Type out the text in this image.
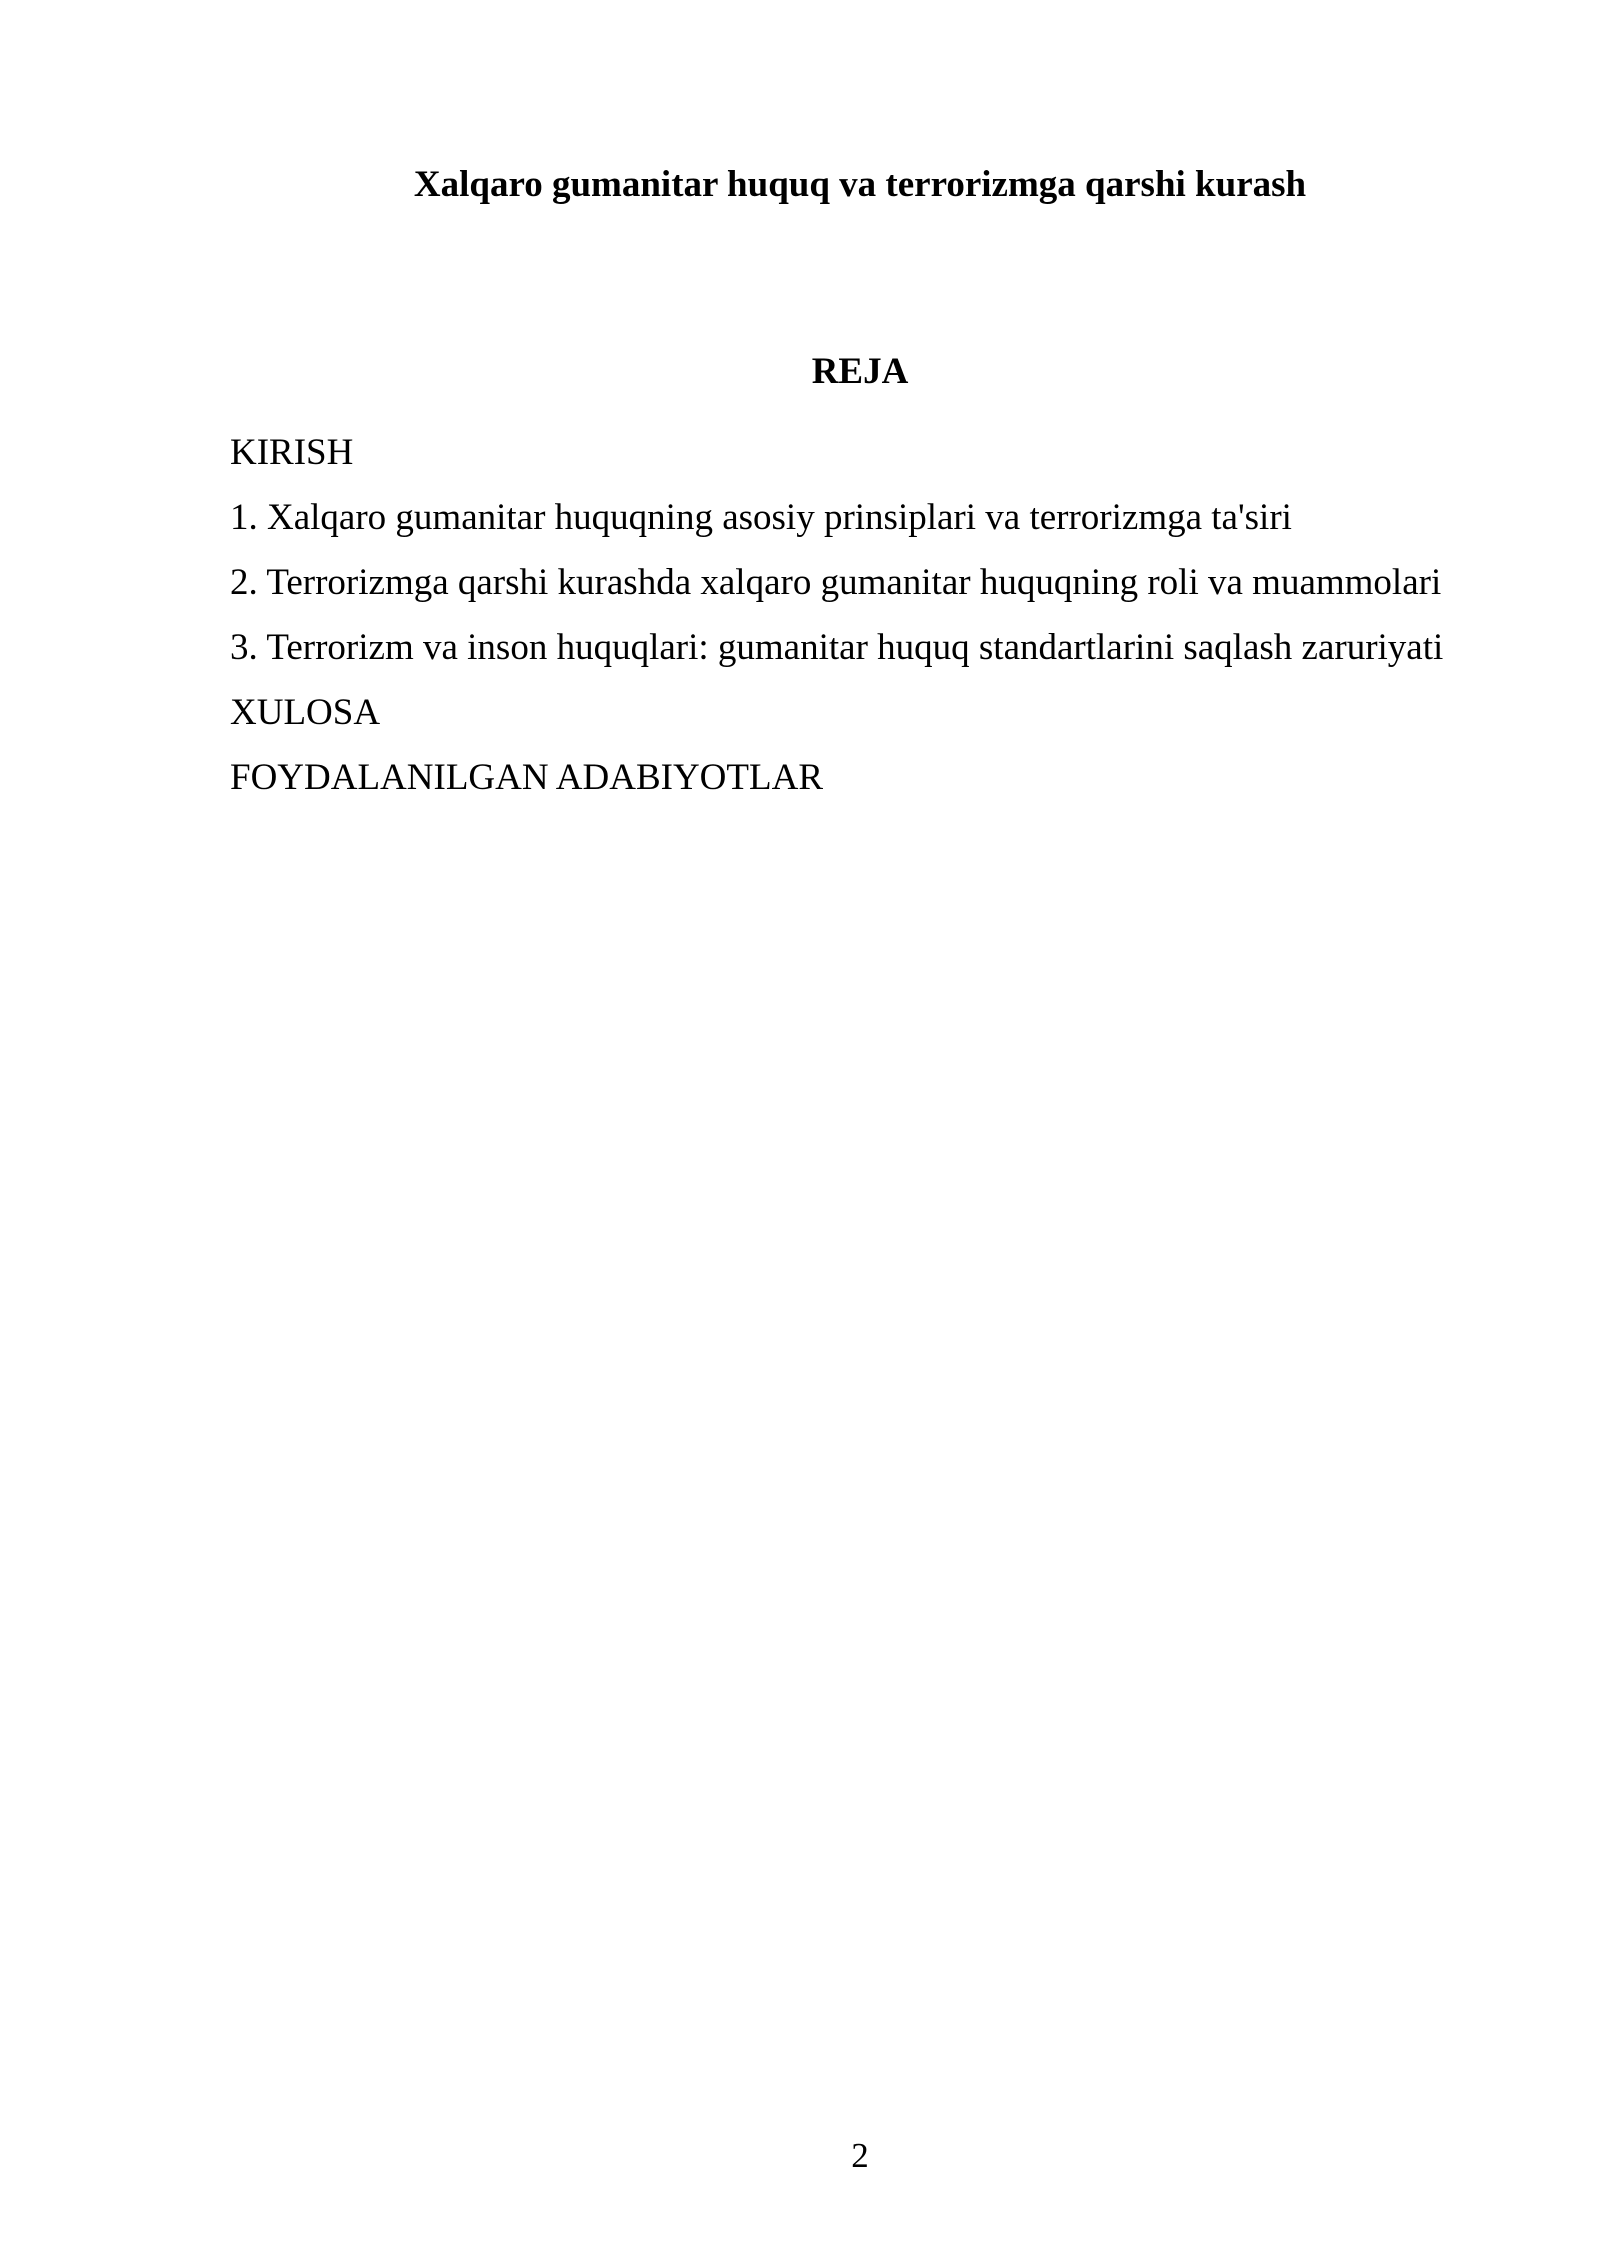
Xalqaro gumanitar huquq va terrorizmga qarshi kurash
REJA
KIRISH
1. Xalqaro gumanitar huquqning asosiy prinsiplari va terrorizmga ta'siri
2. Terrorizmga qarshi kurashda xalqaro gumanitar huquqning roli va muammolari
3. Terrorizm va inson huquqlari: gumanitar huquq standartlarini saqlash zaruriyati
XULOSA
FOYDALANILGAN ADABIYOTLAR
2
